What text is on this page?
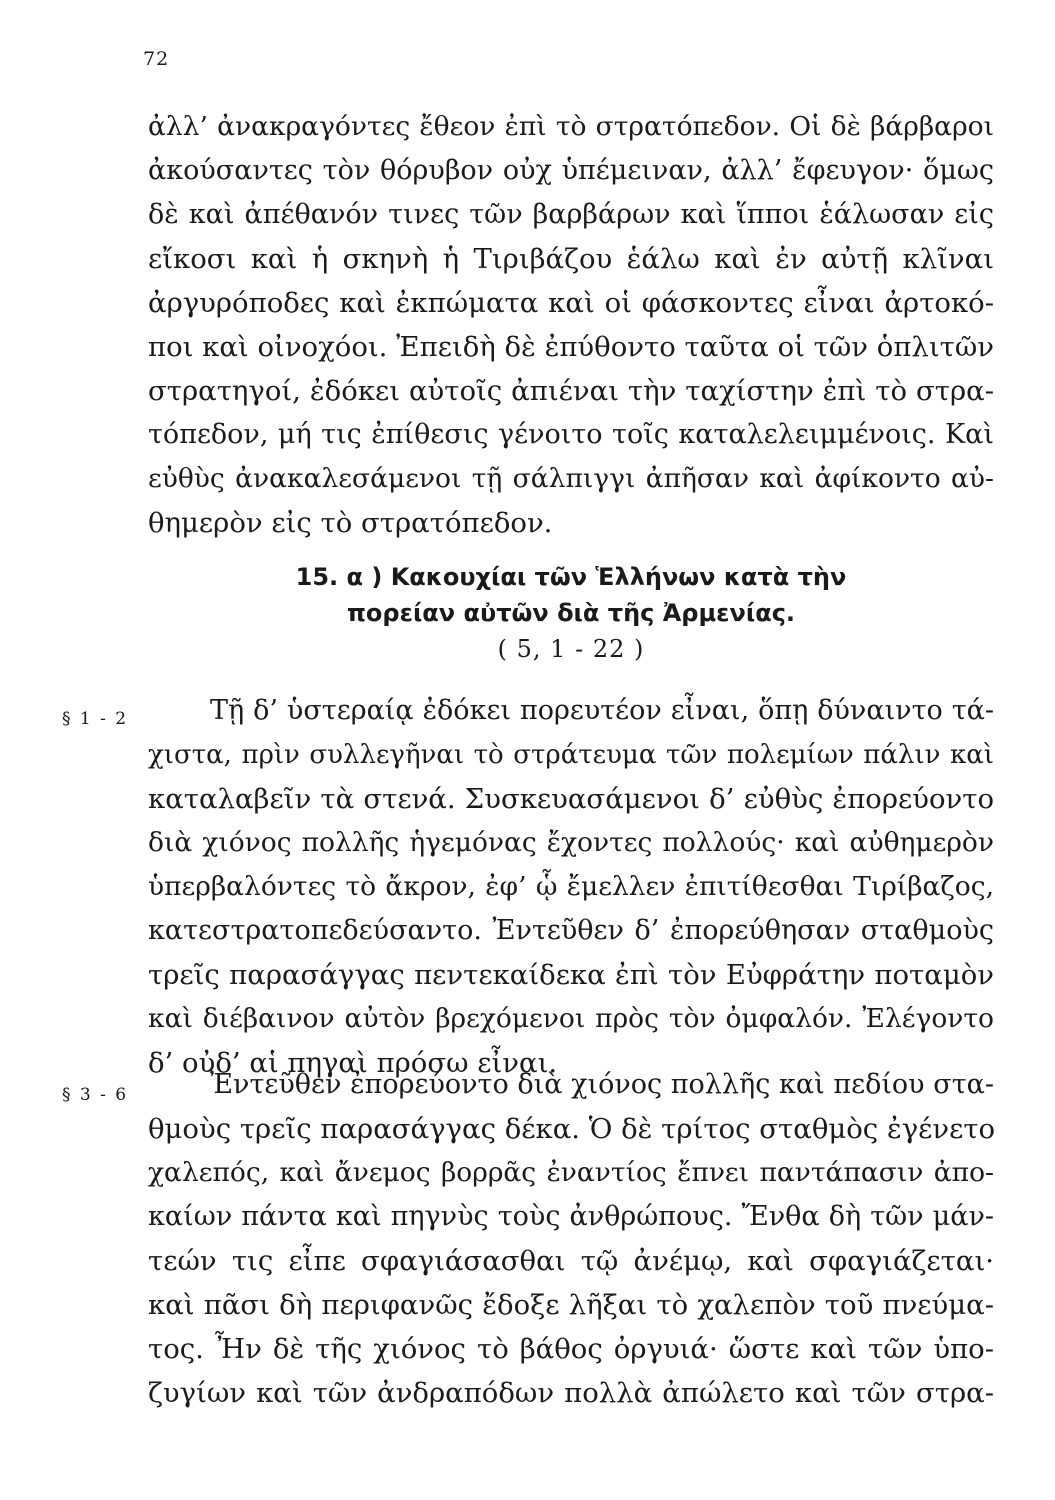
72
ἀλλ’ ἀνακραγόντες ἔθεον ἐπὶ τὸ στρατόπεδον. Οἱ δὲ βάρβαροι
ἀκούσαντες τὸν θόρυβον οὐχ ὑπέμειναν, ἀλλ’ ἔφευγον· ὅμως
δὲ καὶ ἀπέθανόν τινες τῶν βαρβάρων καὶ ἵπποι ἑάλωσαν εἰς
εἴκοσι καὶ ἡ σκηνὴ ἡ Τιριβάζου ἑάλω καὶ ἐν αὐτῇ κλῖναι
ἀργυρόποδες καὶ ἐκπώματα καὶ οἱ φάσκοντες εἶναι ἀρτοκό-
ποι καὶ οἰνοχόοι. Ἐπειδὴ δὲ ἐπύθοντο ταῦτα οἱ τῶν ὁπλιτῶν
στρατηγοί, ἐδόκει αὐτοῖς ἀπιέναι τὴν ταχίστην ἐπὶ τὸ στρα-
τόπεδον, μή τις ἐπίθεσις γένοιτο τοῖς καταλελειμμένοις. Καὶ
εὐθὺς ἀνακαλεσάμενοι τῇ σάλπιγγι ἀπῆσαν καὶ ἀφίκοντο αὐ-
θημερὸν εἰς τὸ στρατόπεδον.
15. α ) Κακουχίαι τῶν Ἑλλήνων κατὰ τὴν
πορείαν αὐτῶν διὰ τῆς Ἀρμενίας.
( 5, 1 - 22 )
§ 1 - 2	Τῇ δ’ ὑστεραίᾳ ἐδόκει πορευτέον εἶναι, ὅπῃ δύναιντο τά-
χιστα, πρὶν συλλεγῆναι τὸ στράτευμα τῶν πολεμίων πάλιν καὶ
καταλαβεῖν τὰ στενά. Συσκευασάμενοι δ’ εὐθὺς ἐπορεύοντο
διὰ χιόνος πολλῆς ἡγεμόνας ἔχοντες πολλούς· καὶ αὐθημερὸν
ὑπερβαλόντες τὸ ἄκρον, ἐφ’ ᾧ ἔμελλεν ἐπιτίθεσθαι Τιρίβαζος,
κατεστρατοπεδεύσαντο. Ἐντεῦθεν δ’ ἐπορεύθησαν σταθμοὺς
τρεῖς παρασάγγας πεντεκαίδεκα ἐπὶ τὸν Εὐφράτην ποταμὸν
καὶ διέβαινον αὐτὸν βρεχόμενοι πρὸς τὸν ὀμφαλόν. Ἐλέγοντο
δ’ οὐδ’ αἱ πηγαὶ πρόσω εἶναι.
§ 3 - 6	Ἐντεῦθεν ἐπορεύοντο διὰ χιόνος πολλῆς καὶ πεδίου στα-
θμοὺς τρεῖς παρασάγγας δέκα. Ὁ δὲ τρίτος σταθμὸς ἐγένετο
χαλεπός, καὶ ἄνεμος βορρᾶς ἐναντίος ἔπνει παντάπασιν ἀπο-
καίων πάντα καὶ πηγνὺς τοὺς ἀνθρώπους. Ἔνθα δὴ τῶν μάν-
τεών τις εἶπε σφαγιάσασθαι τῷ ἀνέμῳ, καὶ σφαγιάζεται·
καὶ πᾶσι δὴ περιφανῶς ἔδοξε λῆξαι τὸ χαλεπὸν τοῦ πνεύμα-
τος. Ἦν δὲ τῆς χιόνος τὸ βάθος ὀργυιά· ὥστε καὶ τῶν ὑπο-
ζυγίων καὶ τῶν ἀνδραπόδων πολλὰ ἀπώλετο καὶ τῶν στρα-
